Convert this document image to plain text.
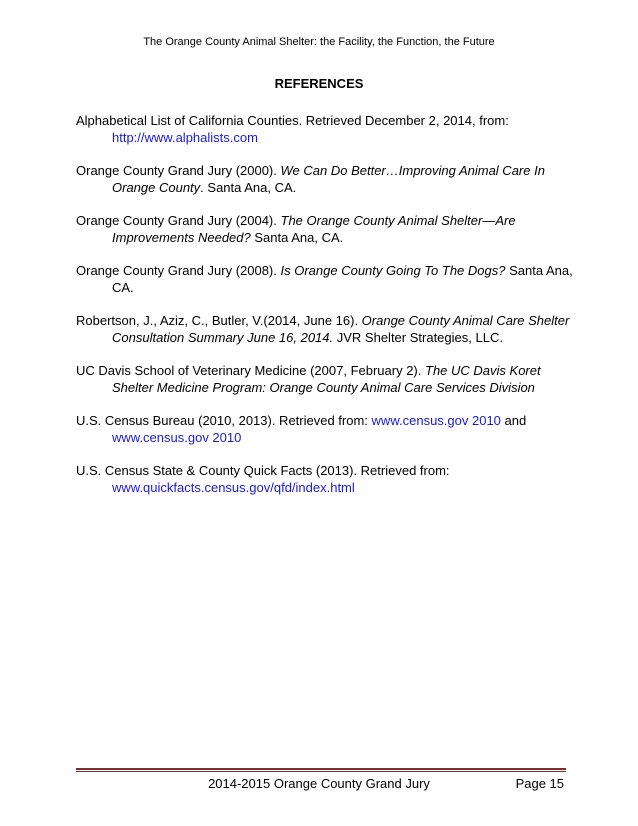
The Orange County Animal Shelter: the Facility, the Function, the Future
REFERENCES

Alphabetical List of California Counties. Retrieved December 2, 2014, from:
http://www.alphalists.com

Orange County Grand Jury (2000). We Can Do Better…Improving Animal Care In Orange County. Santa Ana, CA.

Orange County Grand Jury (2004). The Orange County Animal Shelter—Are Improvements Needed? Santa Ana, CA.

Orange County Grand Jury (2008). Is Orange County Going To The Dogs? Santa Ana, CA.

Robertson, J., Aziz, C., Butler, V.(2014, June 16). Orange County Animal Care Shelter Consultation Summary June 16, 2014. JVR Shelter Strategies, LLC.

UC Davis School of Veterinary Medicine (2007, February 2). The UC Davis Koret Shelter Medicine Program: Orange County Animal Care Services Division

U.S. Census Bureau (2010, 2013). Retrieved from: www.census.gov 2010 and
www.census.gov 2010

U.S. Census State & County Quick Facts (2013). Retrieved from:
www.quickfacts.census.gov/qfd/index.html

2014-2015 Orange County Grand Jury	Page 15
